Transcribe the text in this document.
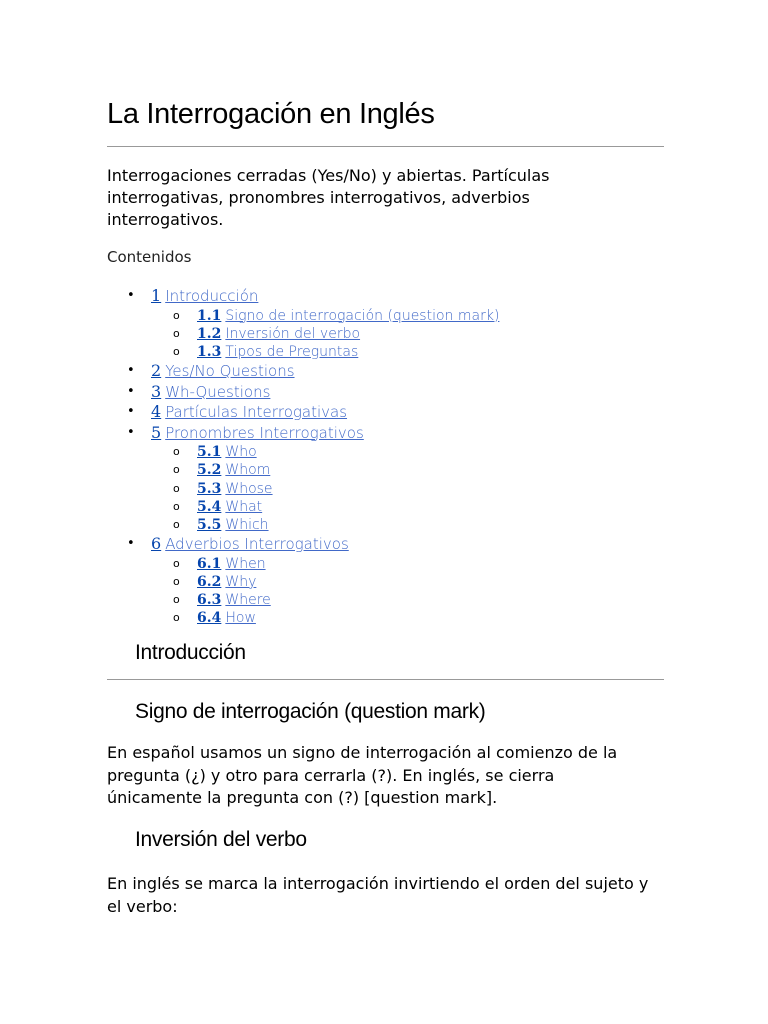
La Interrogación en Inglés

Interrogaciones cerradas (Yes/No) y abiertas. Partículas interrogativas, pronombres interrogativos, adverbios interrogativos.

Contenidos
• 1 Introducción
o 1.1 Signo de interrogación (question mark)
o 1.2 Inversión del verbo
o 1.3 Tipos de Preguntas
• 2 Yes/No Questions
• 3 Wh-Questions
• 4 Partículas Interrogativas
• 5 Pronombres Interrogativos
o 5.1 Who
o 5.2 Whom
o 5.3 Whose
o 5.4 What
o 5.5 Which
• 6 Adverbios Interrogativos
o 6.1 When
o 6.2 Why
o 6.3 Where
o 6.4 How
Introducción
Signo de interrogación (question mark)

En español usamos un signo de interrogación al comienzo de la pregunta (¿) y otro para cerrarla (?). En inglés, se cierra únicamente la pregunta con (?) [question mark].

Inversión del verbo

En inglés se marca la interrogación invirtiendo el orden del sujeto y el verbo:
